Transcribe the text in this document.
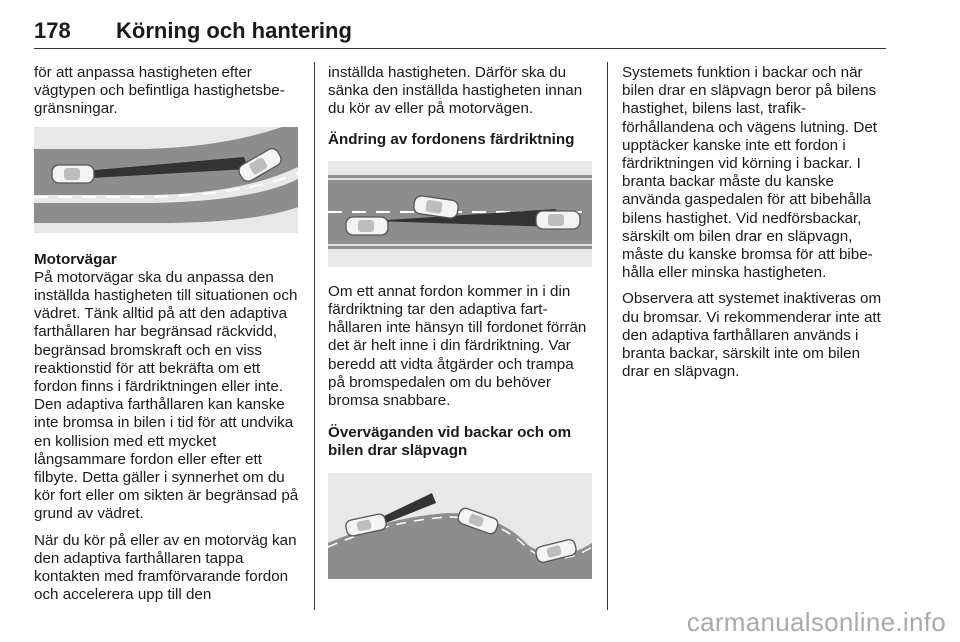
178 Körning och hantering

för att anpassa hastigheten efter vägtypen och befintliga hastighetsbegränsningar.

Motorvägar

På motorvägar ska du anpassa den inställda hastigheten till situationen och vädret. Tänk alltid på att den adaptiva farthållaren har begränsad räckvidd, begränsad bromskraft och en viss reaktionstid för att bekräfta om ett fordon finns i färdriktningen eller inte. Den adaptiva farthållaren kan kanske inte bromsa in bilen i tid för att undvika en kollision med ett mycket långsammare fordon eller efter ett filbyte. Detta gäller i synnerhet om du kör fort eller om sikten är begränsad på grund av vädret.

När du kör på eller av en motorväg kan den adaptiva farthållaren tappa kontakten med framförvarande fordon och accelerera upp till den

inställda hastigheten. Därför ska du sänka den inställda hastigheten innan du kör av eller på motorvägen.

Ändring av fordonens färdriktning

Om ett annat fordon kommer in i din färdriktning tar den adaptiva farthållaren inte hänsyn till fordonet förrän det är helt inne i din färdriktning. Var beredd att vidta åtgärder och trampa på bromspedalen om du behöver bromsa snabbare.

Överväganden vid backar och om bilen drar släpvagn

Systemets funktion i backar och när bilen drar en släpvagn beror på bilens hastighet, bilens last, trafikförhållandena och vägens lutning. Det upptäcker kanske inte ett fordon i färdriktningen vid körning i backar. I branta backar måste du kanske använda gaspedalen för att bibehålla bilens hastighet. Vid nedförsbackar, särskilt om bilen drar en släpvagn, måste du kanske bromsa för att bibehålla eller minska hastigheten.

Observera att systemet inaktiveras om du bromsar. Vi rekommenderar inte att den adaptiva farthållaren används i branta backar, särskilt inte om bilen drar en släpvagn.

carmanualsonline.info
